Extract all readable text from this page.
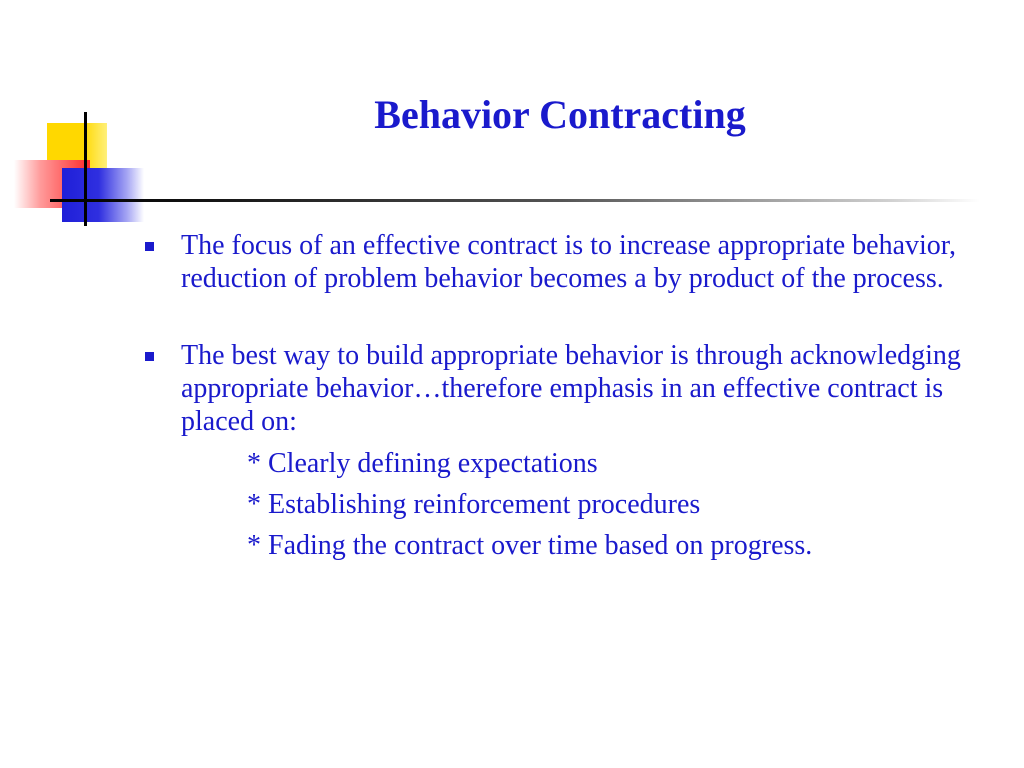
Behavior Contracting
The focus of an effective contract is to increase appropriate behavior, reduction of problem behavior becomes a by product of the process.
The best way to build appropriate behavior is through acknowledging appropriate behavior…therefore emphasis in an effective contract is placed on:
* Clearly defining expectations
* Establishing reinforcement procedures
* Fading the contract over time based on progress.
